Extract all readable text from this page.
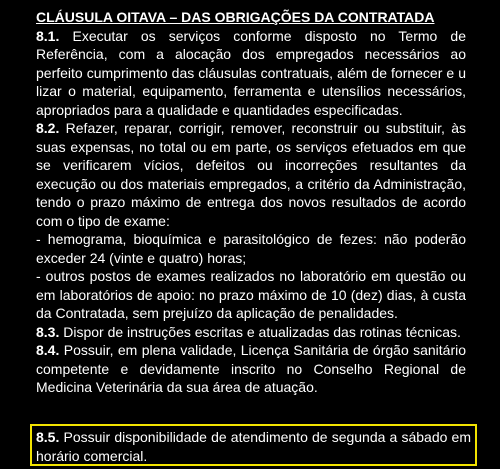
CLÁUSULA OITAVA – DAS OBRIGAÇÕES DA CONTRATADA

8.1. Executar os serviços conforme disposto no Termo de Referência, com a alocação dos empregados necessários ao perfeito cumprimento das cláusulas contratuais, além de fornecer e u lizar o material, equipamento, ferramenta e utensílios necessários, apropriados para a qualidade e quantidades especificadas.

8.2. Refazer, reparar, corrigir, remover, reconstruir ou substituir, às suas expensas, no total ou em parte, os serviços efetuados em que se verificarem vícios, defeitos ou incorreções resultantes da execução ou dos materiais empregados, a critério da Administração, tendo o prazo máximo de entrega dos novos resultados de acordo com o tipo de exame:

- hemograma, bioquímica e parasitológico de fezes: não poderão exceder 24 (vinte e quatro) horas;

- outros postos de exames realizados no laboratório em questão ou em laboratórios de apoio: no prazo máximo de 10 (dez) dias, à custa da Contratada, sem prejuízo da aplicação de penalidades.

8.3. Dispor de instruções escritas e atualizadas das rotinas técnicas.

8.4. Possuir, em plena validade, Licença Sanitária de órgão sanitário competente e devidamente inscrito no Conselho Regional de Medicina Veterinária da sua área de atuação.

8.5. Possuir disponibilidade de atendimento de segunda a sábado em horário comercial.
